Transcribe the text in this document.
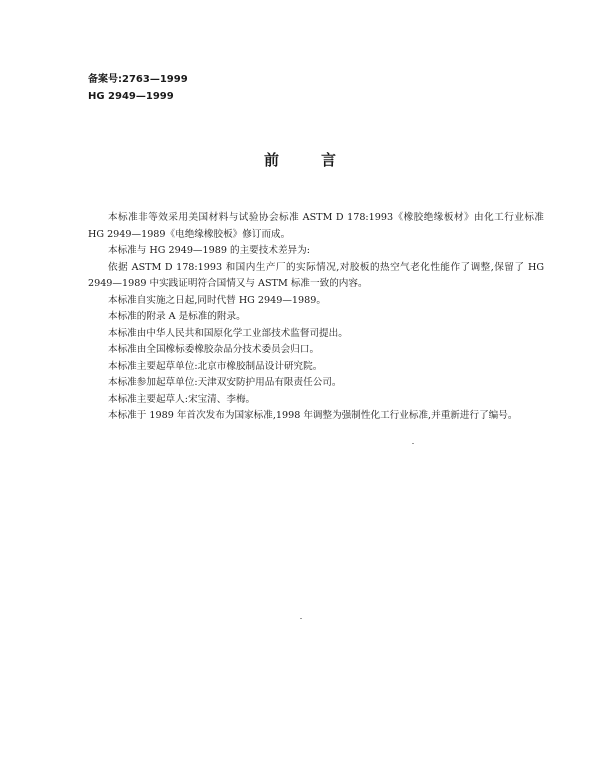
备案号:2763—1999
HG 2949—1999
前言

本标准非等效采用美国材料与试验协会标准 ASTM D 178:1993《橡胶绝缘板材》由化工行业标准 HG 2949—1989《电绝缘橡胶板》修订而成。

本标准与 HG 2949—1989 的主要技术差异为:

依据 ASTM D 178:1993 和国内生产厂的实际情况,对胶板的热空气老化性能作了调整,保留了 HG 2949—1989 中实践证明符合国情又与 ASTM 标准一致的内容。

本标准自实施之日起,同时代替 HG 2949—1989。

本标准的附录 A 是标准的附录。

本标准由中华人民共和国原化学工业部技术监督司提出。

本标准由全国橡标委橡胶杂品分技术委员会归口。

本标准主要起草单位:北京市橡胶制品设计研究院。

本标准参加起草单位:天津双安防护用品有限责任公司。

本标准主要起草人:宋宝清、李梅。

本标准于 1989 年首次发布为国家标准,1998 年调整为强制性化工行业标准,并重新进行了编号。
